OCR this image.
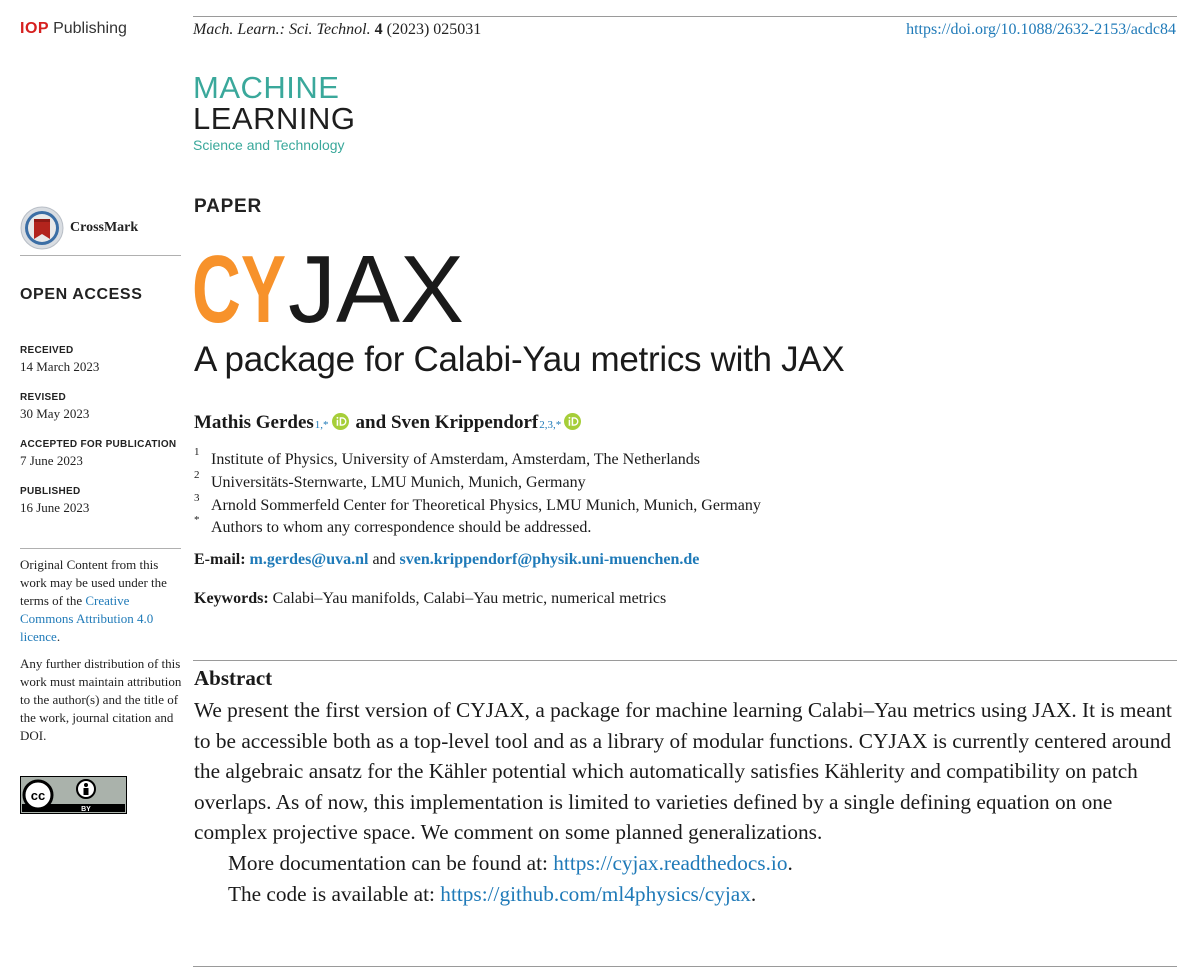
IOP Publishing	Mach. Learn.: Sci. Technol. 4 (2023) 025031	https://doi.org/10.1088/2632-2153/acdc84
MACHINE
LEARNING
Science and Technology
CrossMark
OPEN ACCESS
RECEIVED
14 March 2023
REVISED
30 May 2023
ACCEPTED FOR PUBLICATION
7 June 2023
PUBLISHED
16 June 2023
Original Content from this work may be used under the terms of the Creative Commons Attribution 4.0 licence.
Any further distribution of this work must maintain attribution to the author(s) and the title of the work, journal citation and DOI.
cc
BY
PAPER
CY JAX
A package for Calabi-Yau metrics with JAX
Mathis Gerdes 1,* and
Sven Krippendorf 2,3,*
1 Institute of Physics, University of Amsterdam, Amsterdam, The Netherlands
2 Universitäts-Sternwarte, LMU Munich, Munich, Germany
3 Arnold Sommerfeld Center for Theoretical Physics, LMU Munich, Munich, Germany
* Authors to whom any correspondence should be addressed.
E-mail: m.gerdes@uva.nl and sven.krippendorf@physik.uni-muenchen.de
Keywords: Calabi–Yau manifolds, Calabi–Yau metric, numerical metrics
Abstract
We present the first version of CYJAX, a package for machine learning Calabi–Yau metrics using JAX. It is meant to be accessible both as a top-level tool and as a library of modular functions. CYJAX is currently centered around the algebraic ansatz for the Kähler potential which automatically satisfies Kählerity and compatibility on patch overlaps. As of now, this implementation is limited to varieties defined by a single defining equation on one complex projective space. We comment on some planned generalizations.
More documentation can be found at: https://cyjax.readthedocs.io.
The code is available at: https://github.com/ml4physics/cyjax.
